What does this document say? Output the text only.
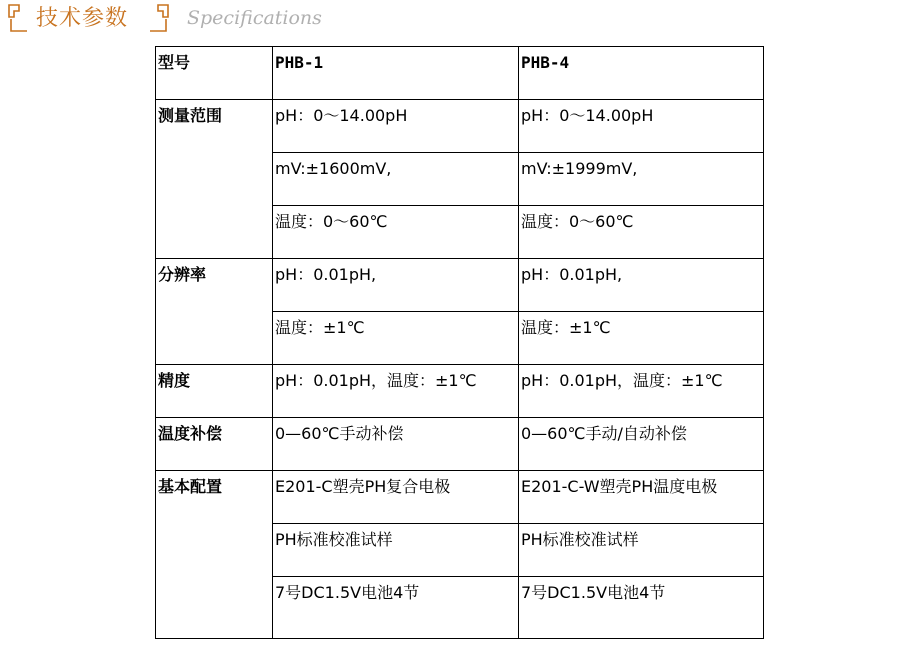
技术参数	Specifications
型号	PHB-1	PHB-4
测量范围	pH：0～14.00pH	pH：0～14.00pH
	mV:±1600mV,	mV:±1999mV,
	温度：0～60℃	温度：0～60℃
分辨率	pH：0.01pH,	pH：0.01pH,
	温度：±1℃	温度：±1℃
精度	pH：0.01pH，温度：±1℃	pH：0.01pH，温度：±1℃
温度补偿	0—60℃手动补偿	0—60℃手动/自动补偿
基本配置	E201-C塑壳PH复合电极	E201-C-W塑壳PH温度电极
	PH标准校准试样	PH标准校准试样
	7号DC1.5V电池4节	7号DC1.5V电池4节
